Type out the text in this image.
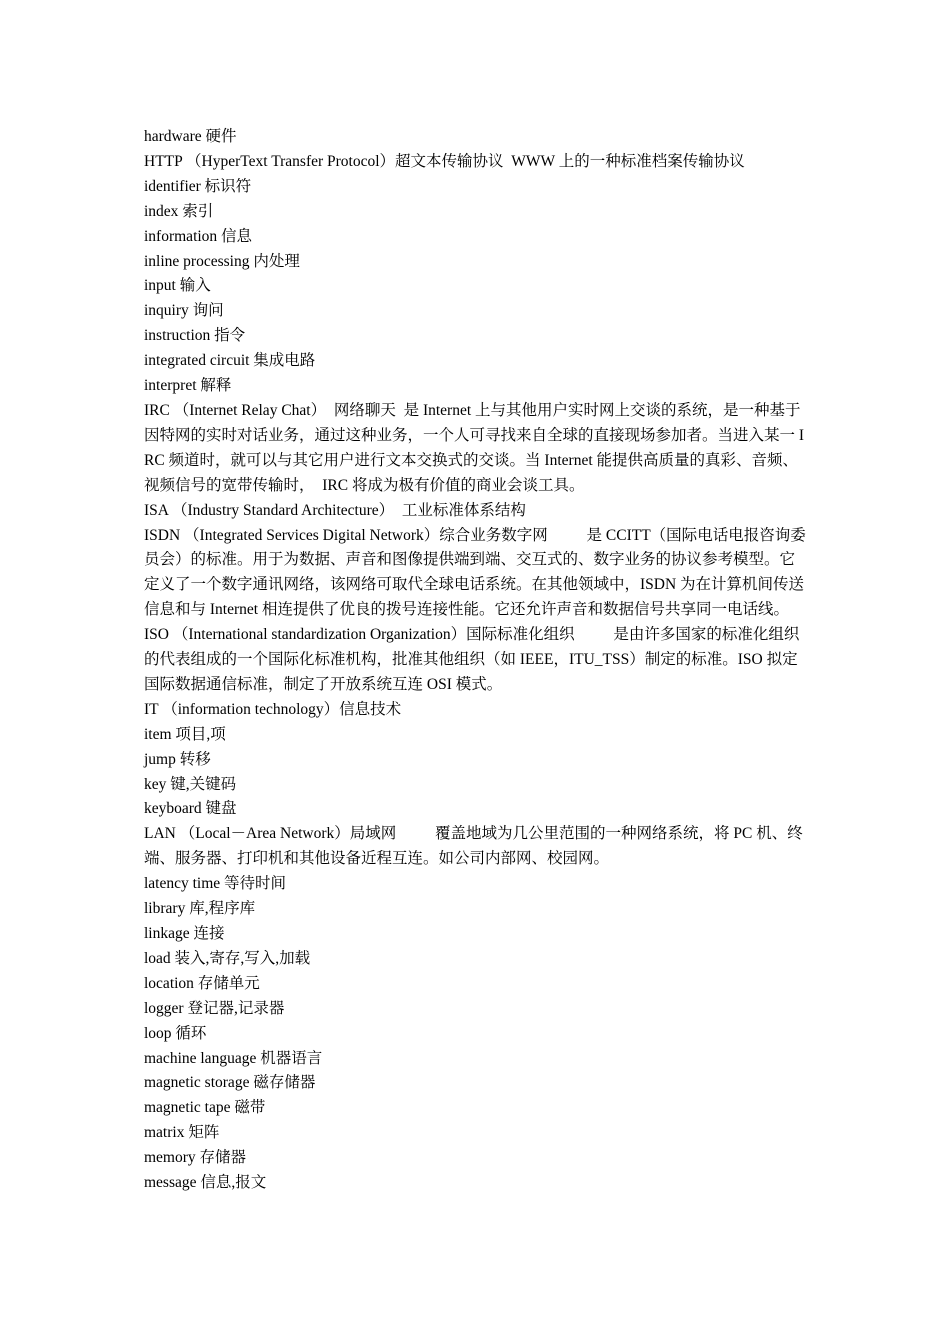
hardware 硬件

HTTP （HyperText Transfer Protocol）超文本传输协议  WWW 上的一种标准档案传输协议

identifier 标识符

index 索引

information 信息

inline processing 内处理

input 输入

inquiry 询问

instruction 指令

integrated circuit 集成电路

interpret 解释

IRC （Internet Relay Chat）  网络聊天  是 Internet 上与其他用户实时网上交谈的系统，是一种基于因特网的实时对话业务，通过这种业务，一个人可寻找来自全球的直接现场参加者。当进入某一 IRC 频道时，就可以与其它用户进行文本交换式的交谈。当 Internet 能提供高质量的真彩、音频、视频信号的宽带传输时，  IRC 将成为极有价值的商业会谈工具。

ISA （Industry Standard Architecture）  工业标准体系结构

ISDN （Integrated Services Digital Network）综合业务数字网          是 CCITT（国际电话电报咨询委员会）的标准。用于为数据、声音和图像提供端到端、交互式的、数字业务的协议参考模型。它定义了一个数字通讯网络，该网络可取代全球电话系统。在其他领域中，ISDN 为在计算机间传送信息和与 Internet 相连提供了优良的拨号连接性能。它还允许声音和数据信号共享同一电话线。

ISO （International standardization Organization）国际标准化组织          是由许多国家的标准化组织的代表组成的一个国际化标准机构，批准其他组织（如 IEEE，ITU_TSS）制定的标准。ISO 拟定国际数据通信标准，制定了开放系统互连 OSI 模式。

IT （information technology）信息技术

item 项目,项

jump 转移

key 键,关键码

keyboard 键盘

LAN （Local－Area Network）局域网          覆盖地域为几公里范围的一种网络系统，将 PC 机、终端、服务器、打印机和其他设备近程互连。如公司内部网、校园网。

latency time 等待时间

library 库,程序库

linkage 连接

load 装入,寄存,写入,加载

location 存储单元

logger 登记器,记录器

loop 循环

machine language 机器语言

magnetic storage 磁存储器

magnetic tape 磁带

matrix 矩阵

memory 存储器

message 信息,报文
